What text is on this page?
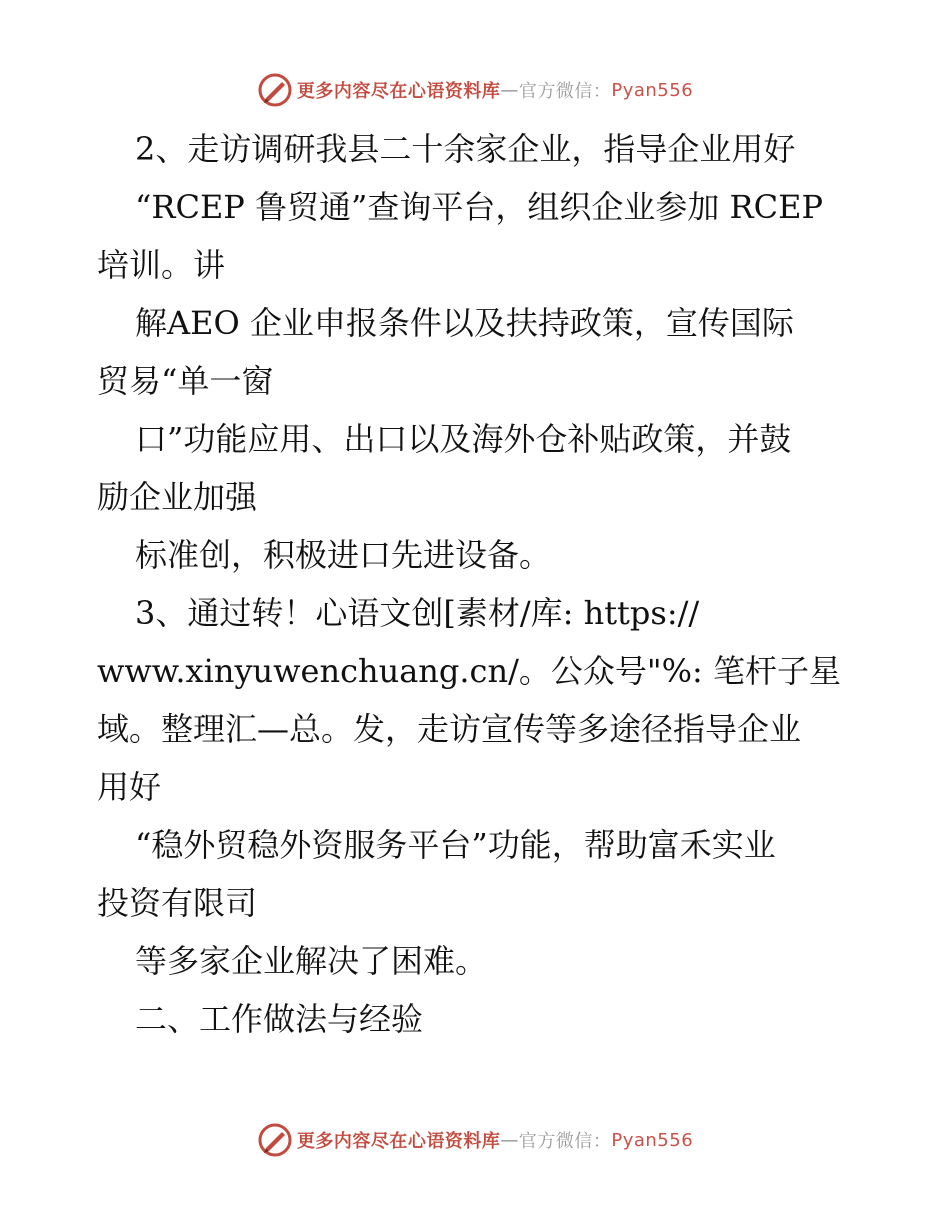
更多内容尽在心语资料库 — 官方微信： Pyan556
2、走访调研我县二十余家企业，指导企业用好
“RCEP 鲁贸通”查询平台，组织企业参加 RCEP
培训。讲
解AEO 企业申报条件以及扶持政策，宣传国际
贸易“单一窗
口”功能应用、出口以及海外仓补贴政策，并鼓
励企业加强
标准创，积极进口先进设备。
3、通过转！心语文创[素材/库: https://
www.xinyuwenchuang.cn/。公众号"%: 笔杆子星
域。整理汇—总。发，走访宣传等多途径指导企业
用好
“稳外贸稳外资服务平台”功能，帮助富禾实业
投资有限司
等多家企业解决了困难。
二、工作做法与经验
更多内容尽在心语资料库 — 官方微信： Pyan556
